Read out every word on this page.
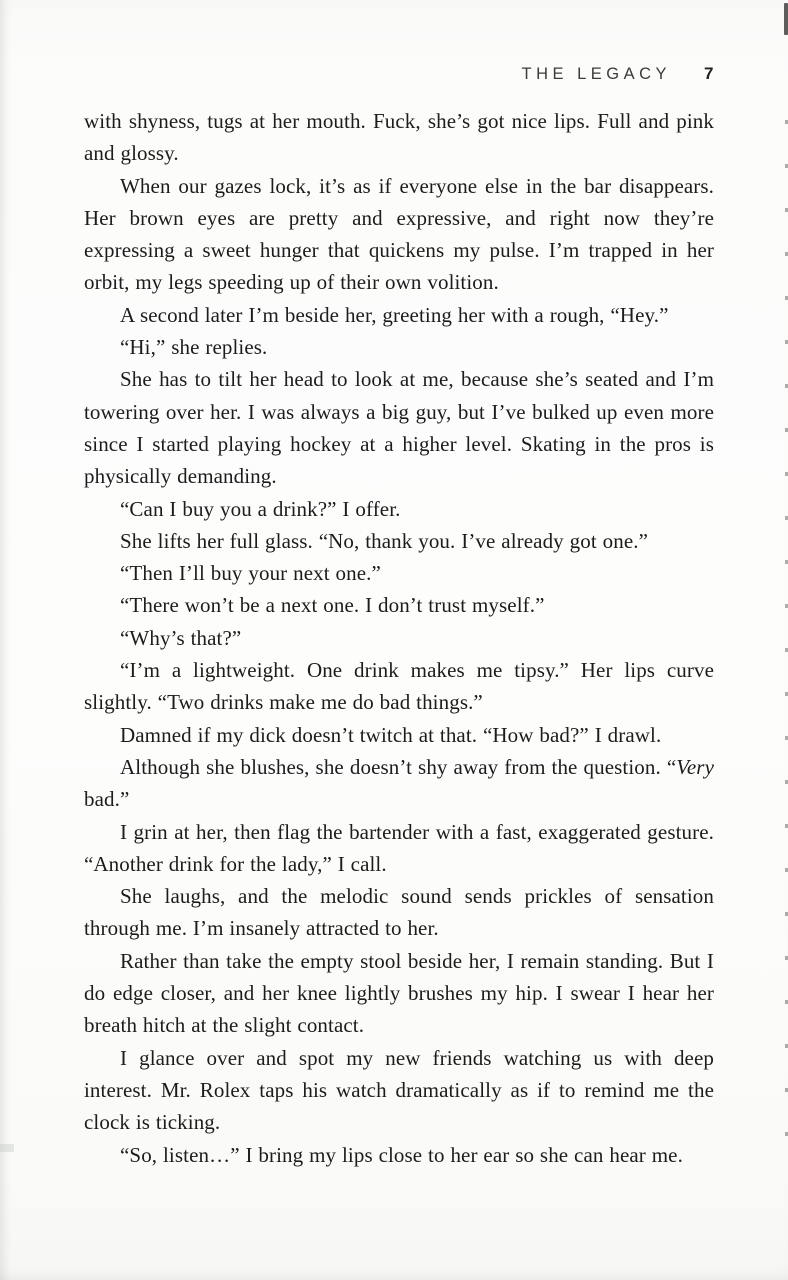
THE LEGACY 7

with shyness, tugs at her mouth. Fuck, she’s got nice lips. Full and pink and glossy.

When our gazes lock, it’s as if everyone else in the bar disappears. Her brown eyes are pretty and expressive, and right now they’re expressing a sweet hunger that quickens my pulse. I’m trapped in her orbit, my legs speeding up of their own volition.

A second later I’m beside her, greeting her with a rough, “Hey.”

“Hi,” she replies.

She has to tilt her head to look at me, because she’s seated and I’m towering over her. I was always a big guy, but I’ve bulked up even more since I started playing hockey at a higher level. Skating in the pros is physically demanding.

“Can I buy you a drink?” I offer.

She lifts her full glass. “No, thank you. I’ve already got one.”

“Then I’ll buy your next one.”

“There won’t be a next one. I don’t trust myself.”

“Why’s that?”

“I’m a lightweight. One drink makes me tipsy.” Her lips curve slightly. “Two drinks make me do bad things.”

Damned if my dick doesn’t twitch at that. “How bad?” I drawl.

Although she blushes, she doesn’t shy away from the question. “Very bad.”

I grin at her, then flag the bartender with a fast, exaggerated gesture. “Another drink for the lady,” I call.

She laughs, and the melodic sound sends prickles of sensation through me. I’m insanely attracted to her.

Rather than take the empty stool beside her, I remain standing. But I do edge closer, and her knee lightly brushes my hip. I swear I hear her breath hitch at the slight contact.

I glance over and spot my new friends watching us with deep interest. Mr. Rolex taps his watch dramatically as if to remind me the clock is ticking.

“So, listen…” I bring my lips close to her ear so she can hear me.
